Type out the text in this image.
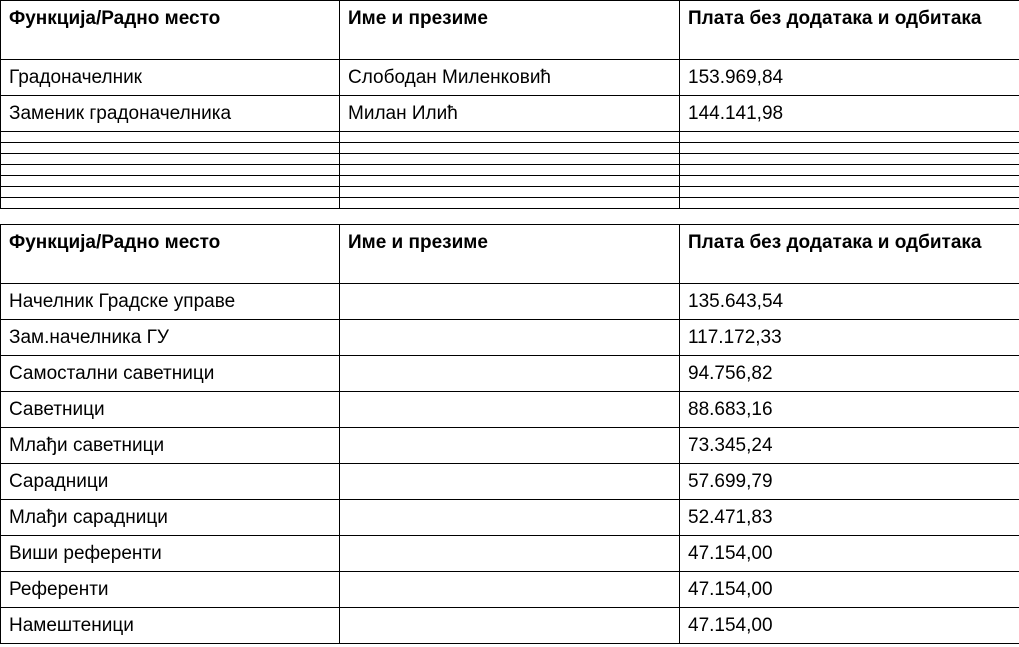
Функција/Радно место	Име и презиме	Плата без додатака и одбитака
Градоначелник	Слободан Миленковић	153.969,84
Заменик градоначелника	Милан Илић	144.141,98

Функција/Радно место	Име и презиме	Плата без додатака и одбитака
Начелник Градске управе		135.643,54
Зам.начелника ГУ		117.172,33
Самостални саветници		94.756,82
Саветници		88.683,16
Млађи саветници		73.345,24
Сарадници		57.699,79
Млађи сарадници		52.471,83
Виши референти		47.154,00
Референти		47.154,00
Намештеници		47.154,00
